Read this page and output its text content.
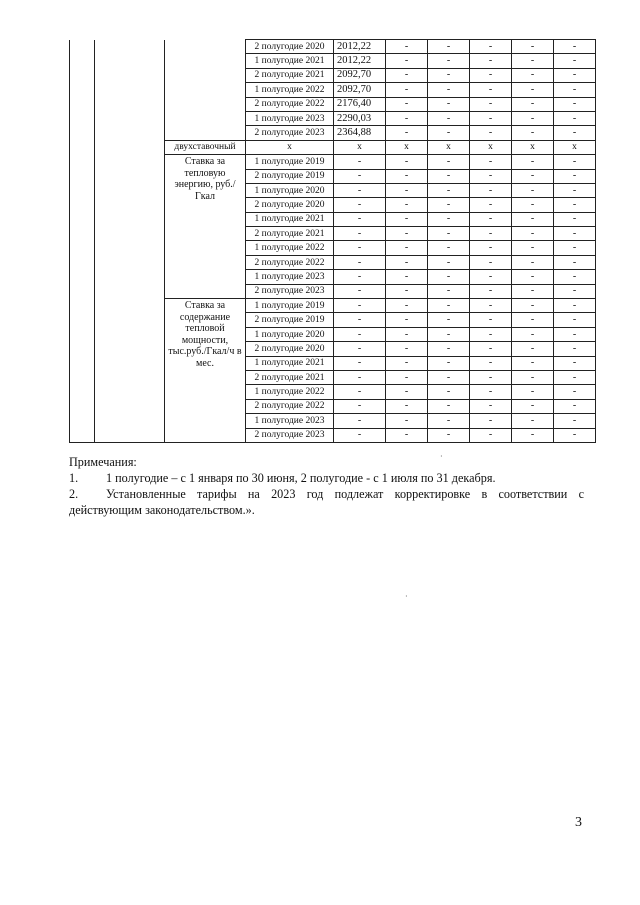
			2 полугодие 2020	2012,22	-	-	-	-	-
			1 полугодие 2021	2012,22	-	-	-	-	-
			2 полугодие 2021	2092,70	-	-	-	-	-
			1 полугодие 2022	2092,70	-	-	-	-	-
			2 полугодие 2022	2176,40	-	-	-	-	-
			1 полугодие 2023	2290,03	-	-	-	-	-
			2 полугодие 2023	2364,88	-	-	-	-	-
		двухставочный	х	х	х	х	х	х	х
		Ставка за тепловую энергию, руб./Гкал	1 полугодие 2019	-	-	-	-	-	-
			2 полугодие 2019	-	-	-	-	-	-
			1 полугодие 2020	-	-	-	-	-	-
			2 полугодие 2020	-	-	-	-	-	-
			1 полугодие 2021	-	-	-	-	-	-
			2 полугодие 2021	-	-	-	-	-	-
			1 полугодие 2022	-	-	-	-	-	-
			2 полугодие 2022	-	-	-	-	-	-
			1 полугодие 2023	-	-	-	-	-	-
			2 полугодие 2023	-	-	-	-	-	-
		Ставка за содержание тепловой мощности, тыс.руб./Гкал/ч в мес.	1 полугодие 2019	-	-	-	-	-	-
			2 полугодие 2019	-	-	-	-	-	-
			1 полугодие 2020	-	-	-	-	-	-
			2 полугодие 2020	-	-	-	-	-	-
			1 полугодие 2021	-	-	-	-	-	-
			2 полугодие 2021	-	-	-	-	-	-
			1 полугодие 2022	-	-	-	-	-	-
			2 полугодие 2022	-	-	-	-	-	-
			1 полугодие 2023	-	-	-	-	-	-
			2 полугодие 2023	-	-	-	-	-	-

Примечания:

1. 1 полугодие – с 1 января по 30 июня, 2 полугодие - с 1 июля по 31 декабря.

2. Установленные тарифы на 2023 год подлежат корректировке в соответствии с действующим законодательством.».

3
·
·
